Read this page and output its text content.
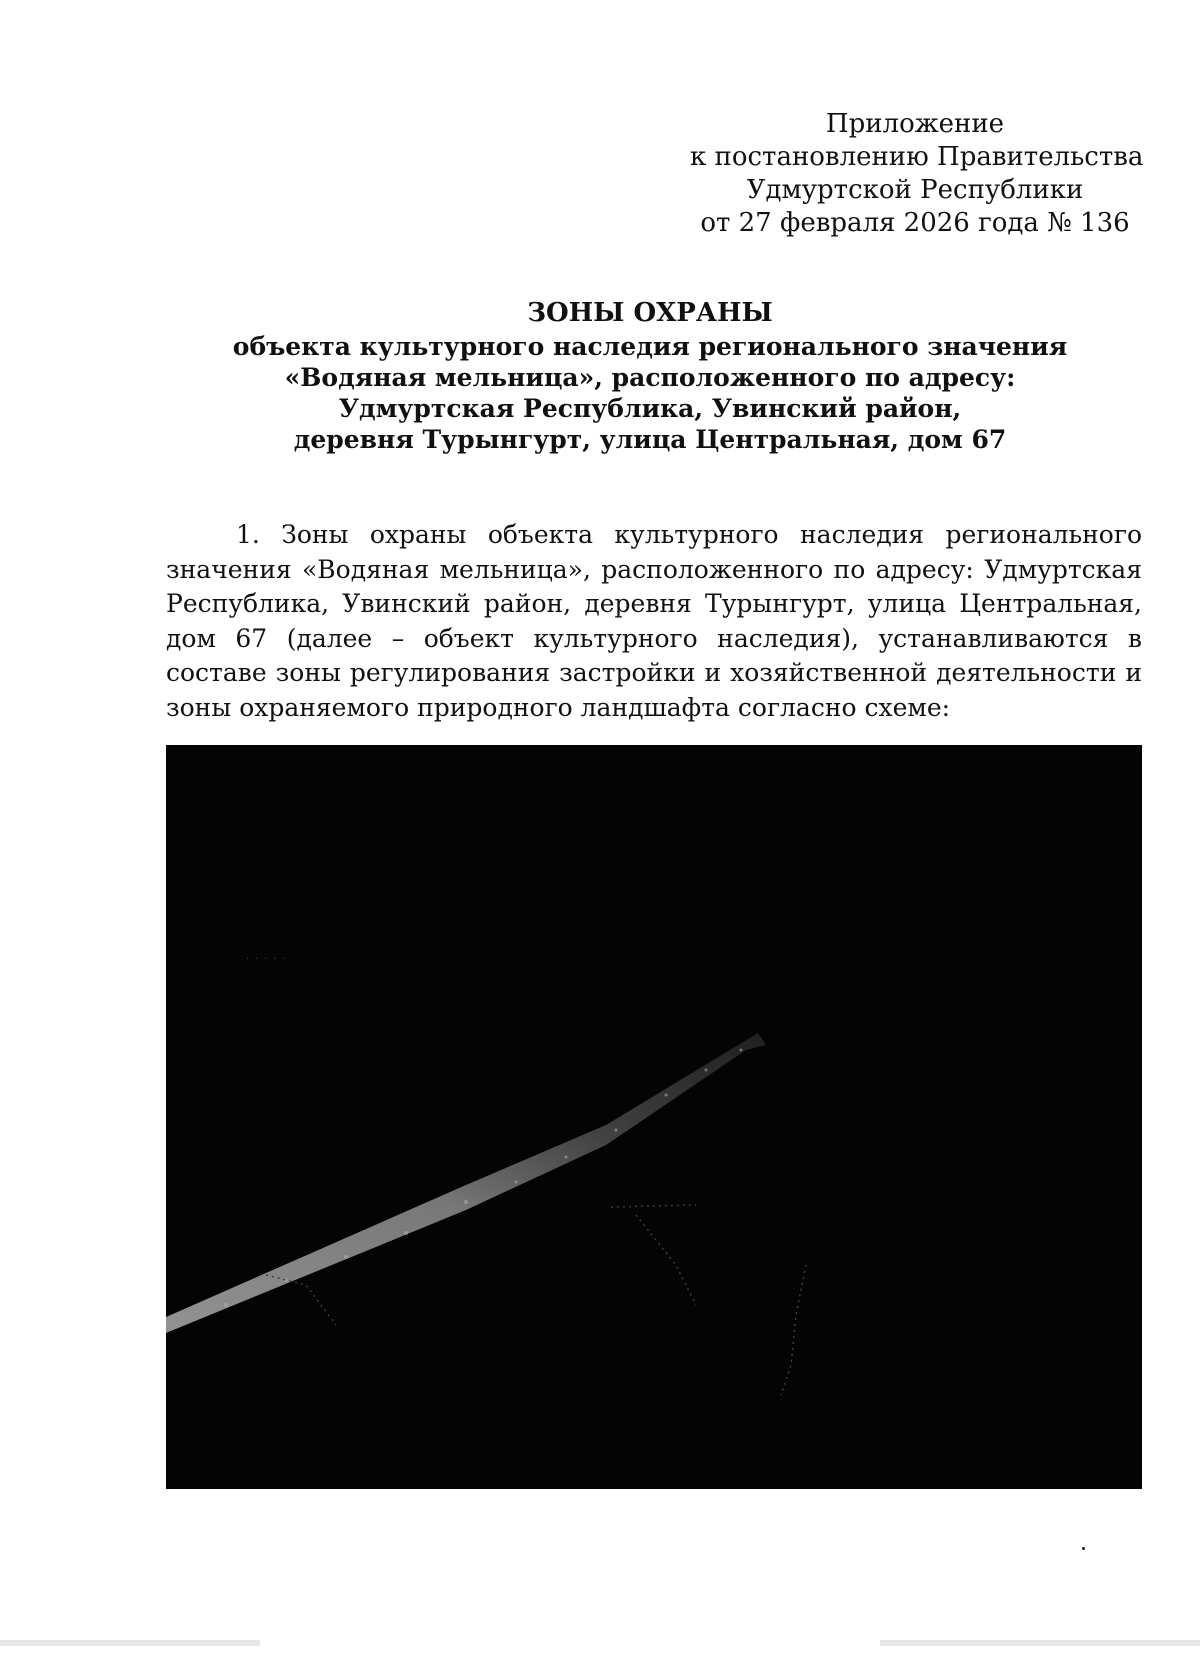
Приложение
к постановлению Правительства
Удмуртской Республики
от 27 февраля 2026 года № 136
ЗОНЫ ОХРАНЫ
объекта культурного наследия регионального значения
«Водяная мельница», расположенного по адресу:
Удмуртская Республика, Увинский район,
деревня Турынгурт, улица Центральная, дом 67
1. Зоны охраны объекта культурного наследия регионального значения «Водяная мельница», расположенного по адресу: Удмуртская Республика, Увинский район, деревня Турынгурт, улица Центральная, дом 67 (далее – объект культурного наследия), устанавливаются в составе зоны регулирования застройки и хозяйственной деятельности и зоны охраняемого природного ландшафта согласно схеме:
· · · · ·
